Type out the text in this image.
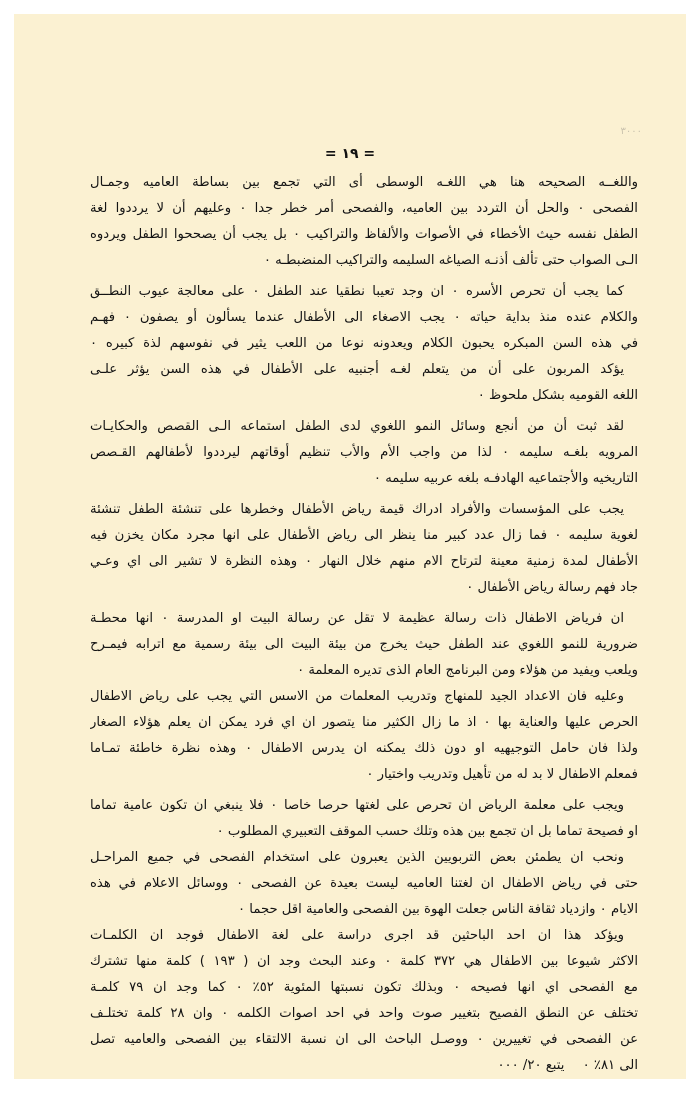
٣٠٠٠
= ١٩ =
واللغــه الصحيحه هنا هي اللغـه الوسطى أى التي تجمع بين بساطة العاميه وجمـال
الفصحى ٠ والحل أن التردد بين العاميه، والفصحى أمر خطر جدا ٠ وعليهم أن لا يرددوا لغة
الطفل نفسه حيث الأخطاء في الأصوات والألفاظ والتراكيب ٠ بل يجب أن يصححوا الطفل ويردوه
الـى الصواب حتى تألف أذنـه الصياغه السليمه والتراكيب المنضبطـه ٠
كما يجب أن تحرص الأسره ٠ ان وجد تعيبا نطقيا عند الطفل ٠ على معالجة عيوب النطــق
والكلام عنده منذ بداية حياته ٠ يجب الاصغاء الى الأطفال عندما يسألون أو يصفون ٠ فهـم
في هذه السن المبكره يحبون الكلام ويعدونه نوعا من اللعب يثير في نفوسهم لذة كبيره ٠
يؤكد المربون على أن من يتعلم لغـه أجنبيه على الأطفال في هذه السن يؤثر علـى
اللغه القوميه بشكل ملحوظ ٠
لقد ثبت أن من أنجع وسائل النمو اللغوي لدى الطفل استماعه الـى القصص والحكايـات
المرويه بلغـه سليمه ٠ لذا من واجب الأم والأب تنظيم أوقاتهم ليرددوا لأطفالهم القـصص
التاريخيه والأجتماعيه الهادفـه بلغه عربيه سليمه ٠
يجب على المؤسسات والأفراد ادراك قيمة رياض الأطفال وخطرها على تنشئة الطفل تنشئة
لغوية سليمه ٠ فما زال عدد كبير منا ينظر الى رياض الأطفال على انها مجرد مكان يخزن فيه
الأطفال لمدة زمنية معينة لترتاح الام منهم خلال النهار ٠ وهذه النظرة لا تشير الى اي وعـي
جاد فهم رسالة رياض الأطفال ٠
ان فرياض الاطفال ذات رسالة عظيمة لا تقل عن رسالة البيت او المدرسة ٠ انها محطـة
ضرورية للنمو اللغوي عند الطفل حيث يخرج من بيئة البيت الى بيئة رسمية مع اترابه فيمـرح
ويلعب ويفيد من هؤلاء ومن البرنامج العام الذى تديره المعلمة ٠
وعليه فان الاعداد الجيد للمنهاج وتدريب المعلمات من الاسس التي يجب على رياض الاطفال
الحرص عليها والعناية بها ٠ اذ ما زال الكثير منا يتصور ان اي فرد يمكن ان يعلم هؤلاء الصغار
ولذا فان حامل التوجيهيه او دون ذلك يمكنه ان يدرس الاطفال ٠ وهذه نظرة خاطئة تمـاما
فمعلم الاطفال لا بد له من تأهيل وتدريب واختيار ٠
ويجب على معلمة الرياض ان تحرص على لغتها حرصا خاصا ٠ فلا ينبغي ان تكون عامية تماما
او فصيحة تماما بل ان تجمع بين هذه وتلك حسب الموقف التعبيري المطلوب ٠
ونحب ان يطمئن بعض التربويين الذين يعبرون على استخدام الفصحى في جميع المراحـل
حتى في رياض الاطفال ان لغتنا العاميه ليست بعيدة عن الفصحى ٠ ووسائل الاعلام في هذه
الايام ٠ وازدياد ثقافة الناس جعلت الهوة بين الفصحى والعامية اقل حجما ٠
ويؤكد هذا ان احد الباحثين قد اجرى دراسة على لغة الاطفال فوجد ان الكلمـات
الاكثر شيوعا بين الاطفال هي ٣٧٢ كلمة ٠ وعند البحث وجد ان ( ١٩٣ ) كلمة منها تشترك
مع الفصحى اي انها فصيحه ٠ وبذلك تكون نسبتها المئوية ٥٢٪ ٠ كما وجد ان ٧٩ كلمـة
تختلف عن النطق الفصيح بتغيير صوت واحد في احد اصوات الكلمه ٠ وان ٢٨ كلمة تختلـف
عن الفصحى في تغييرين ٠ ووصـل الباحث الى ان نسبة الالتقاء بين الفصحى والعاميه تصل
الى ٨١٪ ٠ يتبع ٢٠/ ٠٠٠
